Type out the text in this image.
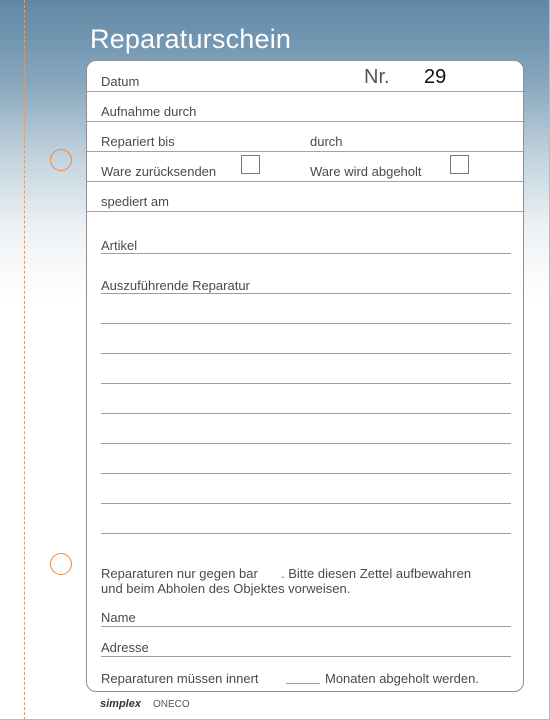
Reparaturschein
Datum	Nr. 29
Aufnahme durch
Repariert bis	durch
Ware zurücksenden	Ware wird abgeholt
spediert am
Artikel
Auszuführende Reparatur
Reparaturen nur gegen bar . Bitte diesen Zettel aufbewahren
und beim Abholen des Objektes vorweisen.
Name
Adresse
Reparaturen müssen innert	Monaten abgeholt werden.
simplex ONECO
